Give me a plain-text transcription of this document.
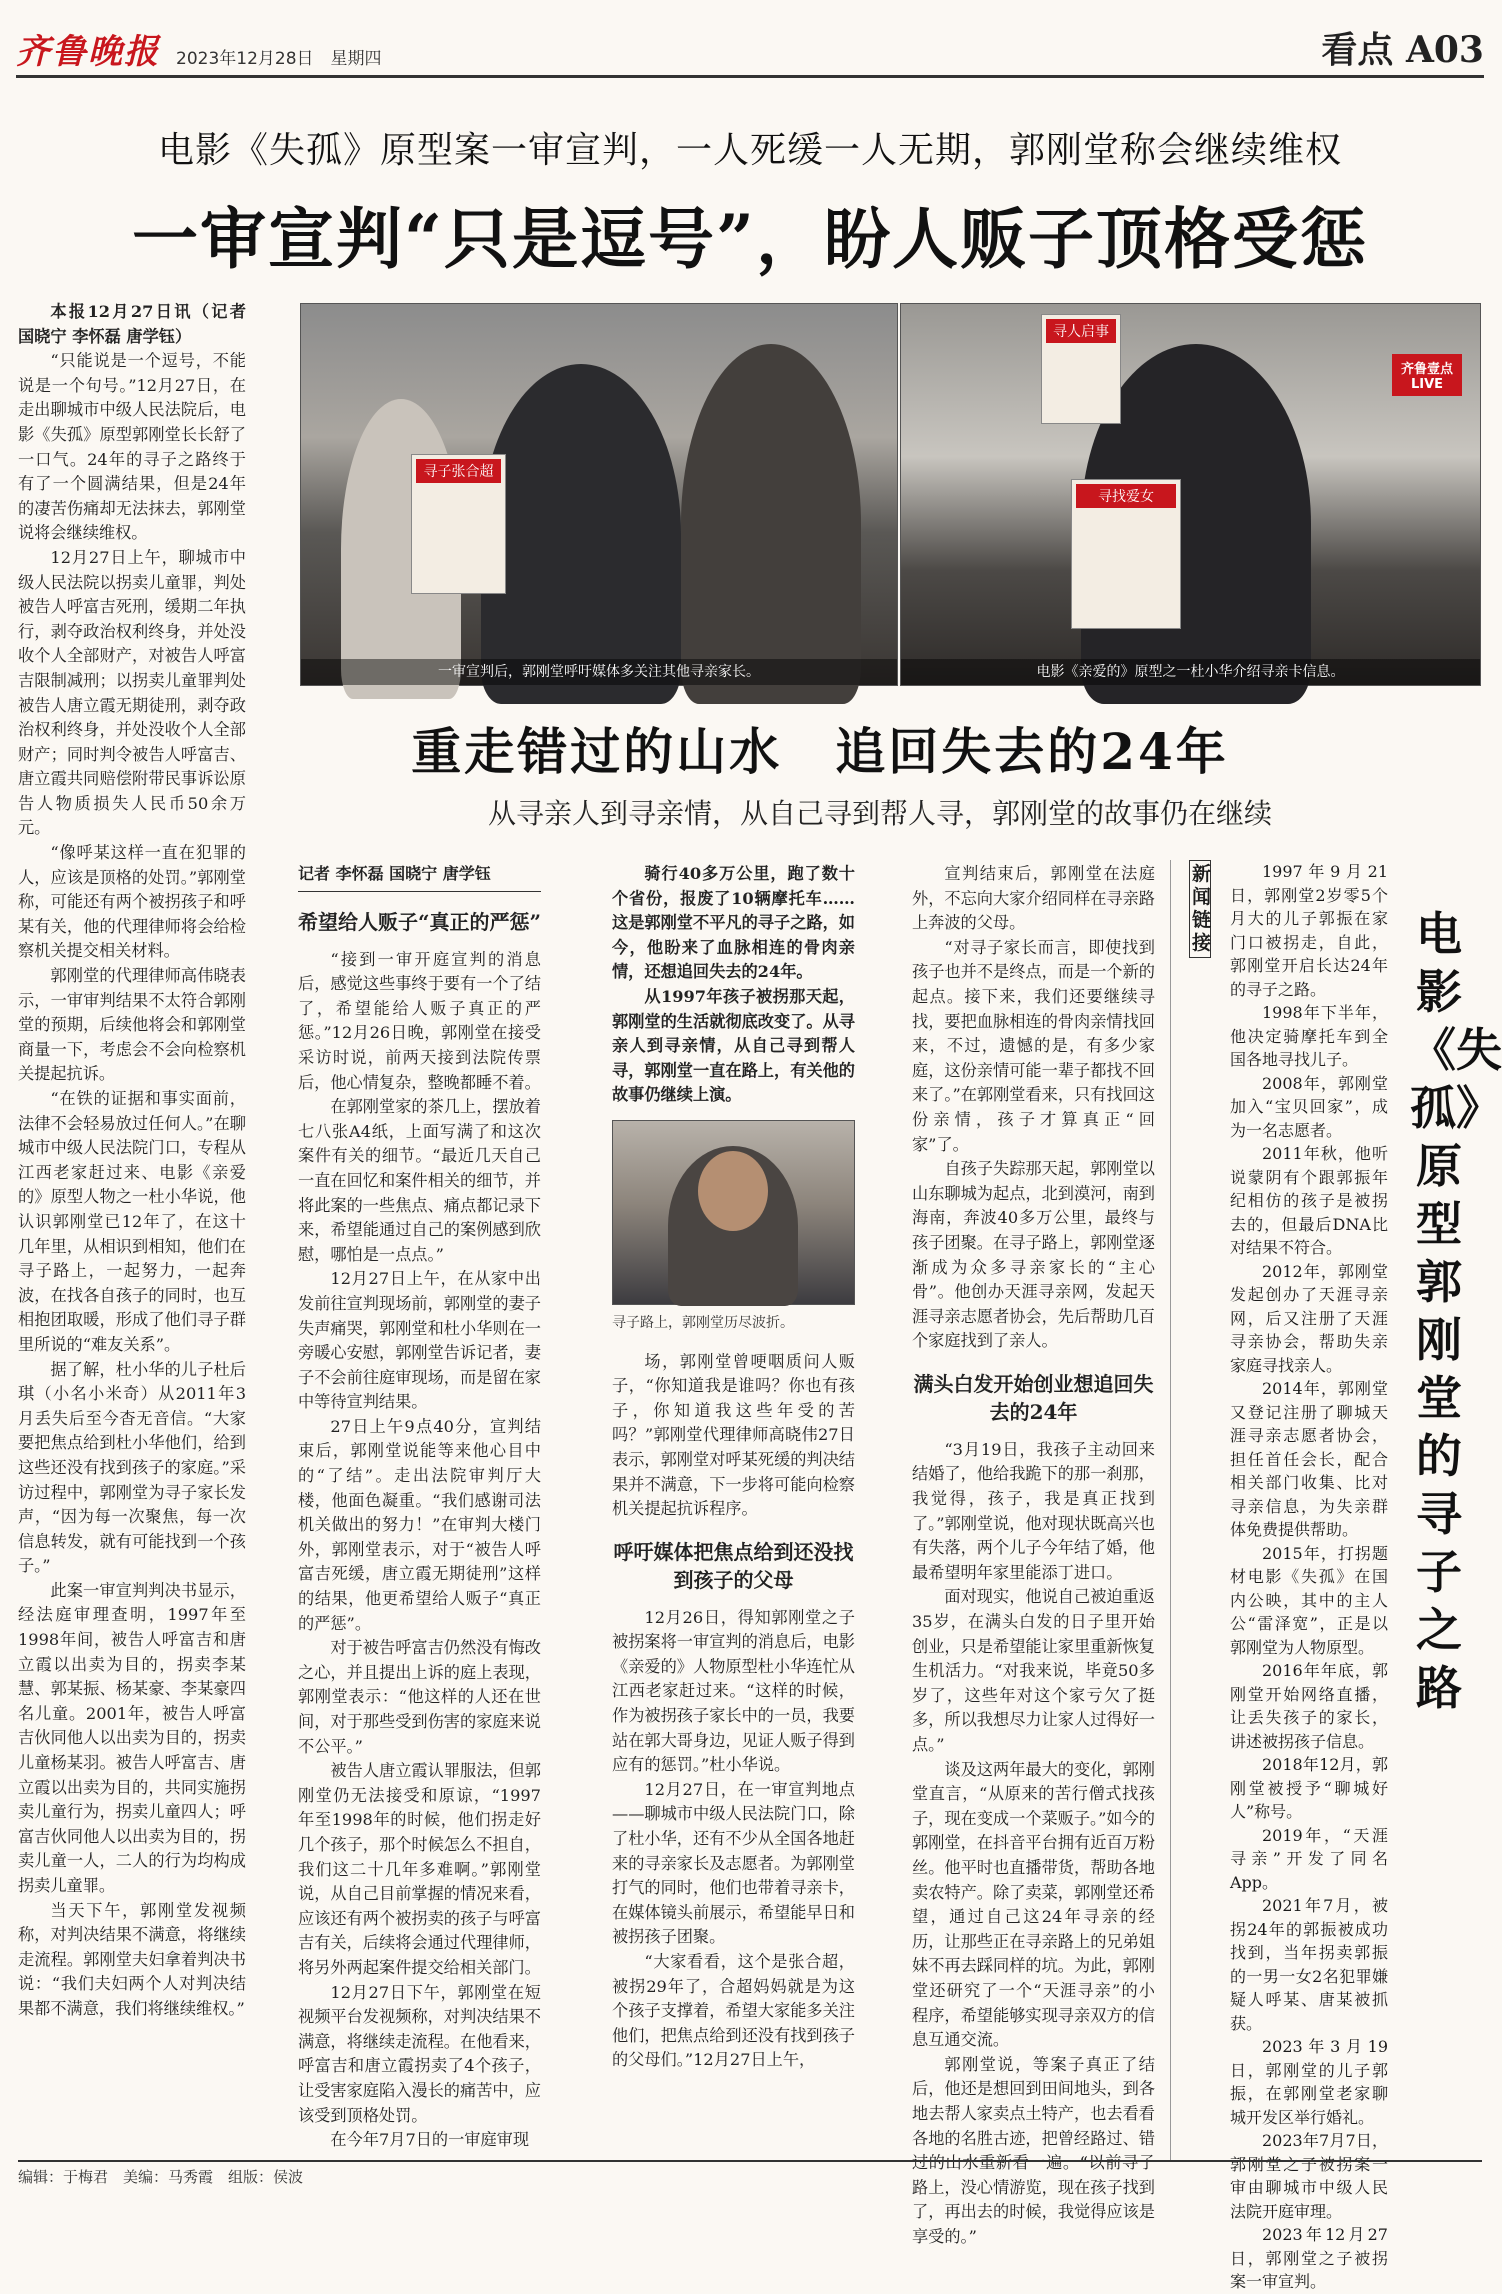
齐鲁晚报 2023年12月28日　星期四	看点 A03
电影《失孤》原型案一审宣判，一人死缓一人无期，郭刚堂称会继续维权
一审宣判“只是逗号”，盼人贩子顶格受惩
本报12月27日讯（记者 国晓宁 李怀磊 唐学钰）

“只能说是一个逗号，不能说是一个句号。”12月27日，在走出聊城市中级人民法院后，电影《失孤》原型郭刚堂长长舒了一口气。24年的寻子之路终于有了一个圆满结果，但是24年的凄苦伤痛却无法抹去，郭刚堂说将会继续维权。

12月27日上午，聊城市中级人民法院以拐卖儿童罪，判处被告人呼富吉死刑，缓期二年执行，剥夺政治权利终身，并处没收个人全部财产，对被告人呼富吉限制减刑；以拐卖儿童罪判处被告人唐立霞无期徒刑，剥夺政治权利终身，并处没收个人全部财产；同时判令被告人呼富吉、唐立霞共同赔偿附带民事诉讼原告人物质损失人民币50余万元。

“像呼某这样一直在犯罪的人，应该是顶格的处罚。”郭刚堂称，可能还有两个被拐孩子和呼某有关，他的代理律师将会给检察机关提交相关材料。

郭刚堂的代理律师高伟晓表示，一审审判结果不太符合郭刚堂的预期，后续他将会和郭刚堂商量一下，考虑会不会向检察机关提起抗诉。

“在铁的证据和事实面前，法律不会轻易放过任何人。”在聊城市中级人民法院门口，专程从江西老家赶过来、电影《亲爱的》原型人物之一杜小华说，他认识郭刚堂已12年了，在这十几年里，从相识到相知，他们在寻子路上，一起努力，一起奔波，在找各自孩子的同时，也互相抱团取暖，形成了他们寻子群里所说的“难友关系”。

据了解，杜小华的儿子杜后琪（小名小米奇）从2011年3月丢失后至今杳无音信。“大家要把焦点给到杜小华他们，给到这些还没有找到孩子的家庭。”采访过程中，郭刚堂为寻子家长发声，“因为每一次聚焦，每一次信息转发，就有可能找到一个孩子。”

此案一审宣判判决书显示，经法庭审理查明，1997年至1998年间，被告人呼富吉和唐立霞以出卖为目的，拐卖李某慧、郭某振、杨某豪、李某豪四名儿童。2001年，被告人呼富吉伙同他人以出卖为目的，拐卖儿童杨某羽。被告人呼富吉、唐立霞以出卖为目的，共同实施拐卖儿童行为，拐卖儿童四人；呼富吉伙同他人以出卖为目的，拐卖儿童一人，二人的行为均构成拐卖儿童罪。

当天下午，郭刚堂发视频称，对判决结果不满意，将继续走流程。郭刚堂夫妇拿着判决书说：“我们夫妇两个人对判决结果都不满意，我们将继续维权。”

寻子张合超
一审宣判后，郭刚堂呼吁媒体多关注其他寻亲家长。
寻人启事
寻找爱女
齐鲁壹点 LIVE
电影《亲爱的》原型之一杜小华介绍寻亲卡信息。
重走错过的山水　追回失去的24年
从寻亲人到寻亲情，从自己寻到帮人寻，郭刚堂的故事仍在继续
记者 李怀磊 国晓宁 唐学钰
希望给人贩子“真正的严惩”

“接到一审开庭宣判的消息后，感觉这些事终于要有一个了结了，希望能给人贩子真正的严惩。”12月26日晚，郭刚堂在接受采访时说，前两天接到法院传票后，他心情复杂，整晚都睡不着。

在郭刚堂家的茶几上，摆放着七八张A4纸，上面写满了和这次案件有关的细节。“最近几天自己一直在回忆和案件相关的细节，并将此案的一些焦点、痛点都记录下来，希望能通过自己的案例感到欣慰，哪怕是一点点。”

12月27日上午，在从家中出发前往宣判现场前，郭刚堂的妻子失声痛哭，郭刚堂和杜小华则在一旁暖心安慰，郭刚堂告诉记者，妻子不会前往庭审现场，而是留在家中等待宣判结果。

27日上午9点40分，宣判结束后，郭刚堂说能等来他心目中的“了结”。走出法院审判厅大楼，他面色凝重。“我们感谢司法机关做出的努力！”在审判大楼门外，郭刚堂表示，对于“被告人呼富吉死缓，唐立霞无期徒刑”这样的结果，他更希望给人贩子“真正的严惩”。

对于被告呼富吉仍然没有悔改之心，并且提出上诉的庭上表现，郭刚堂表示：“他这样的人还在世间，对于那些受到伤害的家庭来说不公平。”

被告人唐立霞认罪服法，但郭刚堂仍无法接受和原谅，“1997年至1998年的时候，他们拐走好几个孩子，那个时候怎么不担自，我们这二十几年多难啊。”郭刚堂说，从自己目前掌握的情况来看，应该还有两个被拐卖的孩子与呼富吉有关，后续将会通过代理律师，将另外两起案件提交给相关部门。

12月27日下午，郭刚堂在短视频平台发视频称，对判决结果不满意，将继续走流程。在他看来，呼富吉和唐立霞拐卖了4个孩子，让受害家庭陷入漫长的痛苦中，应该受到顶格处罚。

在今年7月7日的一审庭审现

骑行40多万公里，跑了数十个省份，报废了10辆摩托车……这是郭刚堂不平凡的寻子之路，如今，他盼来了血脉相连的骨肉亲情，还想追回失去的24年。

从1997年孩子被拐那天起，郭刚堂的生活就彻底改变了。从寻亲人到寻亲情，从自己寻到帮人寻，郭刚堂一直在路上，有关他的故事仍继续上演。

寻子路上，郭刚堂历尽波折。

场，郭刚堂曾哽咽质问人贩子，“你知道我是谁吗？你也有孩子，你知道我这些年受的苦吗？”郭刚堂代理律师高晓伟27日表示，郭刚堂对呼某死缓的判决结果并不满意，下一步将可能向检察机关提起抗诉程序。

呼吁媒体把焦点给到还没找到孩子的父母

12月26日，得知郭刚堂之子被拐案将一审宣判的消息后，电影《亲爱的》人物原型杜小华连忙从江西老家赶过来。“这样的时候，作为被拐孩子家长中的一员，我要站在郭大哥身边，见证人贩子得到应有的惩罚。”杜小华说。

12月27日，在一审宣判地点——聊城市中级人民法院门口，除了杜小华，还有不少从全国各地赶来的寻亲家长及志愿者。为郭刚堂打气的同时，他们也带着寻亲卡，在媒体镜头前展示，希望能早日和被拐孩子团聚。

“大家看看，这个是张合超，被拐29年了，合超妈妈就是为这个孩子支撑着，希望大家能多关注他们，把焦点给到还没有找到孩子的父母们。”12月27日上午，

宣判结束后，郭刚堂在法庭外，不忘向大家介绍同样在寻亲路上奔波的父母。

“对寻子家长而言，即使找到孩子也并不是终点，而是一个新的起点。接下来，我们还要继续寻找，要把血脉相连的骨肉亲情找回来，不过，遗憾的是，有多少家庭，这份亲情可能一辈子都找不回来了。”在郭刚堂看来，只有找回这份亲情，孩子才算真正“回家”了。

自孩子失踪那天起，郭刚堂以山东聊城为起点，北到漠河，南到海南，奔波40多万公里，最终与孩子团聚。在寻子路上，郭刚堂逐渐成为众多寻亲家长的“主心骨”。他创办天涯寻亲网，发起天涯寻亲志愿者协会，先后帮助几百个家庭找到了亲人。

满头白发开始创业想追回失去的24年

“3月19日，我孩子主动回来结婚了，他给我跪下的那一刹那，我觉得，孩子，我是真正找到了。”郭刚堂说，他对现状既高兴也有失落，两个儿子今年结了婚，他最希望明年家里能添丁进口。

面对现实，他说自己被迫重返35岁，在满头白发的日子里开始创业，只是希望能让家里重新恢复生机活力。“对我来说，毕竟50多岁了，这些年对这个家亏欠了挺多，所以我想尽力让家人过得好一点。”

谈及这两年最大的变化，郭刚堂直言，“从原来的苦行僧式找孩子，现在变成一个菜贩子。”如今的郭刚堂，在抖音平台拥有近百万粉丝。他平时也直播带货，帮助各地卖农特产。除了卖菜，郭刚堂还希望，通过自己这24年寻亲的经历，让那些正在寻亲路上的兄弟姐妹不再去踩同样的坑。为此，郭刚堂还研究了一个“天涯寻亲”的小程序，希望能够实现寻亲双方的信息互通交流。

郭刚堂说，等案子真正了结后，他还是想回到田间地头，到各地去帮人家卖点土特产，也去看看各地的名胜古迹，把曾经路过、错过的山水重新看一遍。“以前寻子路上，没心情游览，现在孩子找到了，再出去的时候，我觉得应该是享受的。”

新闻链接

1997年9月21日，郭刚堂2岁零5个月大的儿子郭振在家门口被拐走，自此，郭刚堂开启长达24年的寻子之路。

1998年下半年，他决定骑摩托车到全国各地寻找儿子。

2008年，郭刚堂加入“宝贝回家”，成为一名志愿者。

2011年秋，他听说蒙阴有个跟郭振年纪相仿的孩子是被拐去的，但最后DNA比对结果不符合。

2012年，郭刚堂发起创办了天涯寻亲网，后又注册了天涯寻亲协会，帮助失亲家庭寻找亲人。

2014年，郭刚堂又登记注册了聊城天涯寻亲志愿者协会，担任首任会长，配合相关部门收集、比对寻亲信息，为失亲群体免费提供帮助。

2015年，打拐题材电影《失孤》在国内公映，其中的主人公“雷泽宽”，正是以郭刚堂为人物原型。

2016年年底，郭刚堂开始网络直播，让丢失孩子的家长，讲述被拐孩子信息。

2018年12月，郭刚堂被授予“聊城好人”称号。

2019年，“天涯寻亲”开发了同名App。

2021年7月，被拐24年的郭振被成功找到，当年拐卖郭振的一男一女2名犯罪嫌疑人呼某、唐某被抓获。

2023年3月19日，郭刚堂的儿子郭振，在郭刚堂老家聊城开发区举行婚礼。

2023年7月7日，郭刚堂之子被拐案一审由聊城市中级人民法院开庭审理。

2023年12月27日，郭刚堂之子被拐案一审宣判。

电影《失孤》原型郭刚堂的寻子之路
编辑：于梅君　美编：马秀霞　组版：侯波
